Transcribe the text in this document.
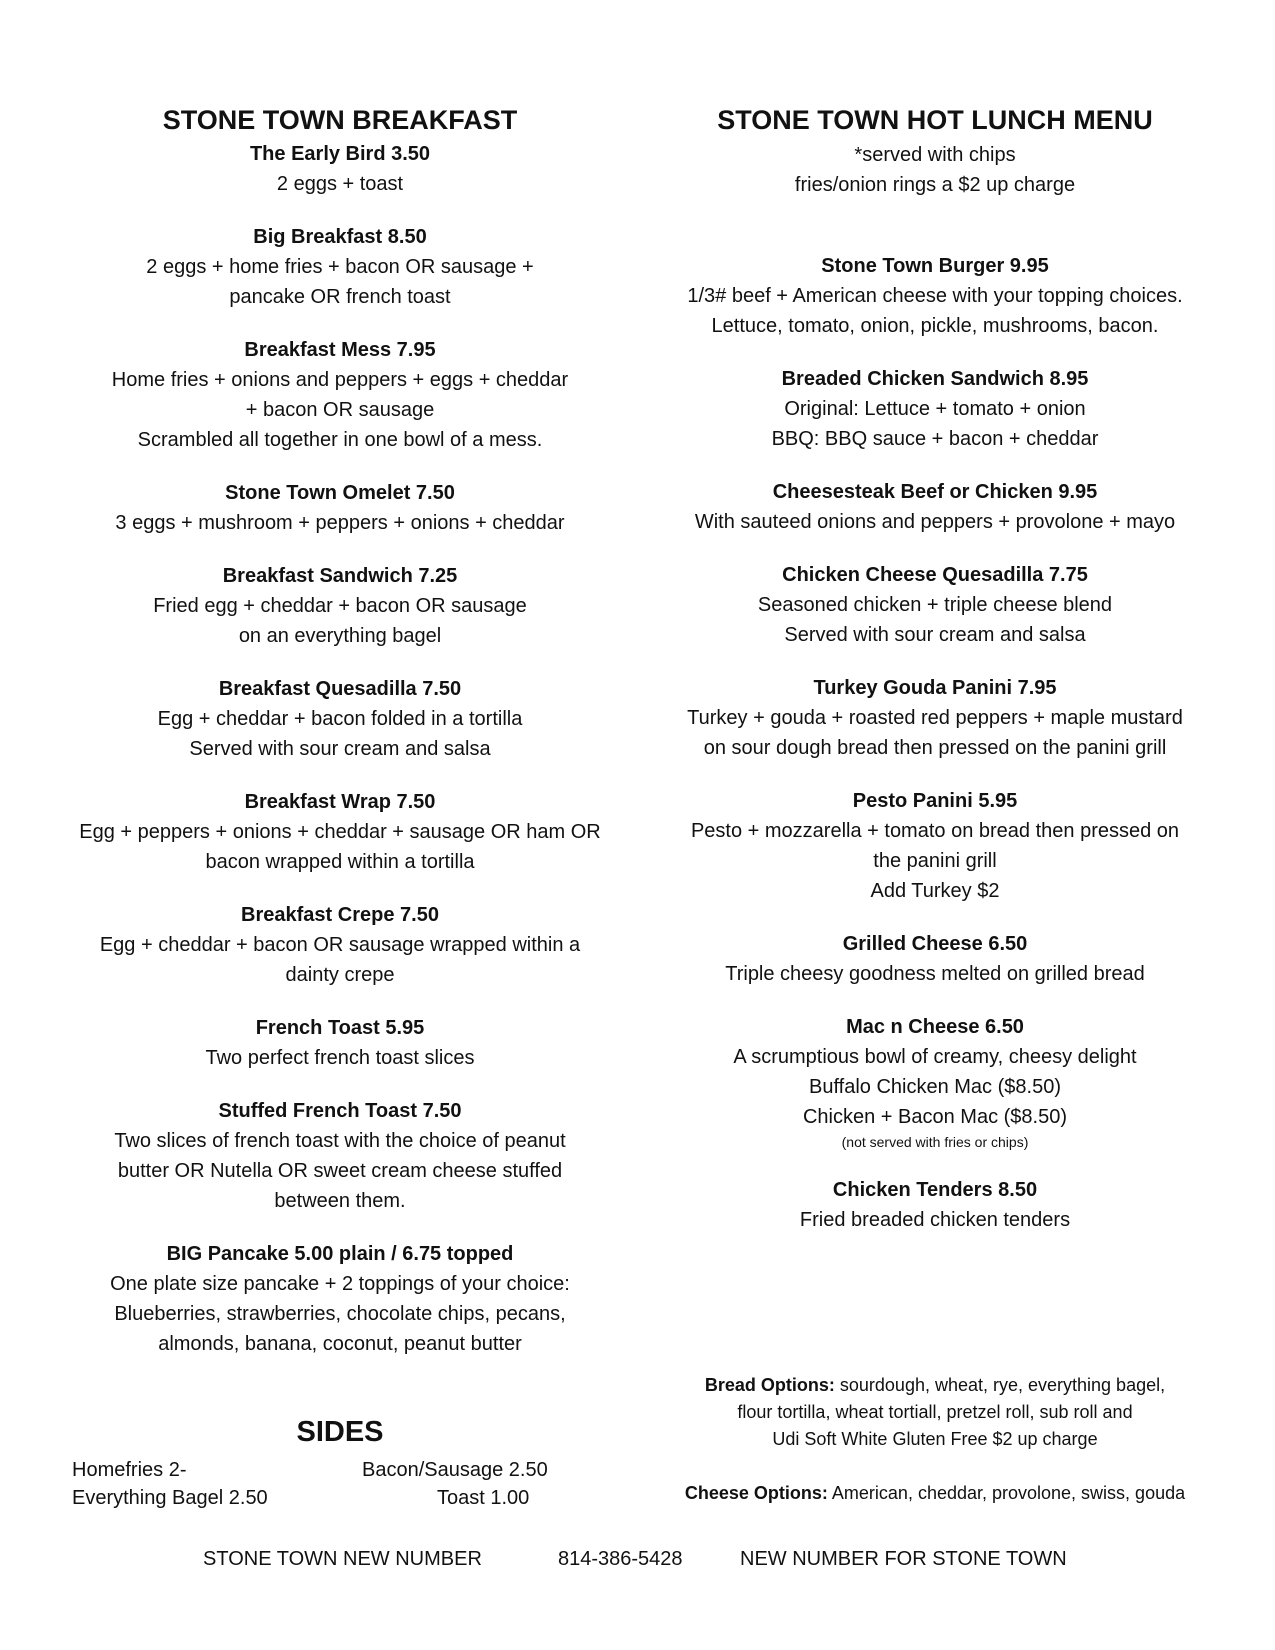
STONE TOWN BREAKFAST
The Early Bird 3.50
2 eggs + toast
Big Breakfast 8.50
2 eggs + home fries + bacon OR sausage +
pancake OR french toast
Breakfast Mess 7.95
Home fries + onions and peppers + eggs + cheddar
+ bacon OR sausage
Scrambled all together in one bowl of a mess.
Stone Town Omelet 7.50
3 eggs + mushroom + peppers + onions + cheddar
Breakfast Sandwich 7.25
Fried egg + cheddar + bacon OR sausage
on an everything bagel
Breakfast Quesadilla 7.50
Egg + cheddar + bacon folded in a tortilla
Served with sour cream and salsa
Breakfast Wrap 7.50
Egg + peppers + onions + cheddar + sausage OR ham OR
bacon wrapped within a tortilla
Breakfast Crepe 7.50
Egg + cheddar + bacon OR sausage wrapped within a
dainty crepe
French Toast 5.95
Two perfect french toast slices
Stuffed French Toast 7.50
Two slices of french toast with the choice of peanut
butter OR Nutella OR sweet cream cheese stuffed
between them.
BIG Pancake 5.00 plain / 6.75 topped
One plate size pancake + 2 toppings of your choice:
Blueberries, strawberries, chocolate chips, pecans,
almonds, banana, coconut, peanut butter
STONE TOWN HOT LUNCH MENU
*served with chips
fries/onion rings a $2 up charge
Stone Town Burger 9.95
1/3# beef + American cheese with your topping choices.
Lettuce, tomato, onion, pickle, mushrooms, bacon.
Breaded Chicken Sandwich 8.95
Original: Lettuce + tomato + onion
BBQ: BBQ sauce + bacon + cheddar
Cheesesteak Beef or Chicken 9.95
With sauteed onions and peppers + provolone + mayo
Chicken Cheese Quesadilla 7.75
Seasoned chicken + triple cheese blend
Served with sour cream and salsa
Turkey Gouda Panini 7.95
Turkey + gouda + roasted red peppers + maple mustard
on sour dough bread then pressed on the panini grill
Pesto Panini 5.95
Pesto + mozzarella + tomato on bread then pressed on
the panini grill
Add Turkey $2
Grilled Cheese 6.50
Triple cheesy goodness melted on grilled bread
Mac n Cheese 6.50
A scrumptious bowl of creamy, cheesy delight
Buffalo Chicken Mac ($8.50)
Chicken + Bacon Mac ($8.50)
(not served with fries or chips)
Chicken Tenders 8.50
Fried breaded chicken tenders
SIDES
Homefries 2-	Bacon/Sausage 2.50
Everything Bagel 2.50	Toast 1.00
Bread Options: sourdough, wheat, rye, everything bagel,
flour tortilla, wheat tortiall, pretzel roll, sub roll and
Udi Soft White Gluten Free $2 up charge
Cheese Options: American, cheddar, provolone, swiss, gouda
STONE TOWN NEW NUMBER	814-386-5428	NEW NUMBER FOR STONE TOWN
